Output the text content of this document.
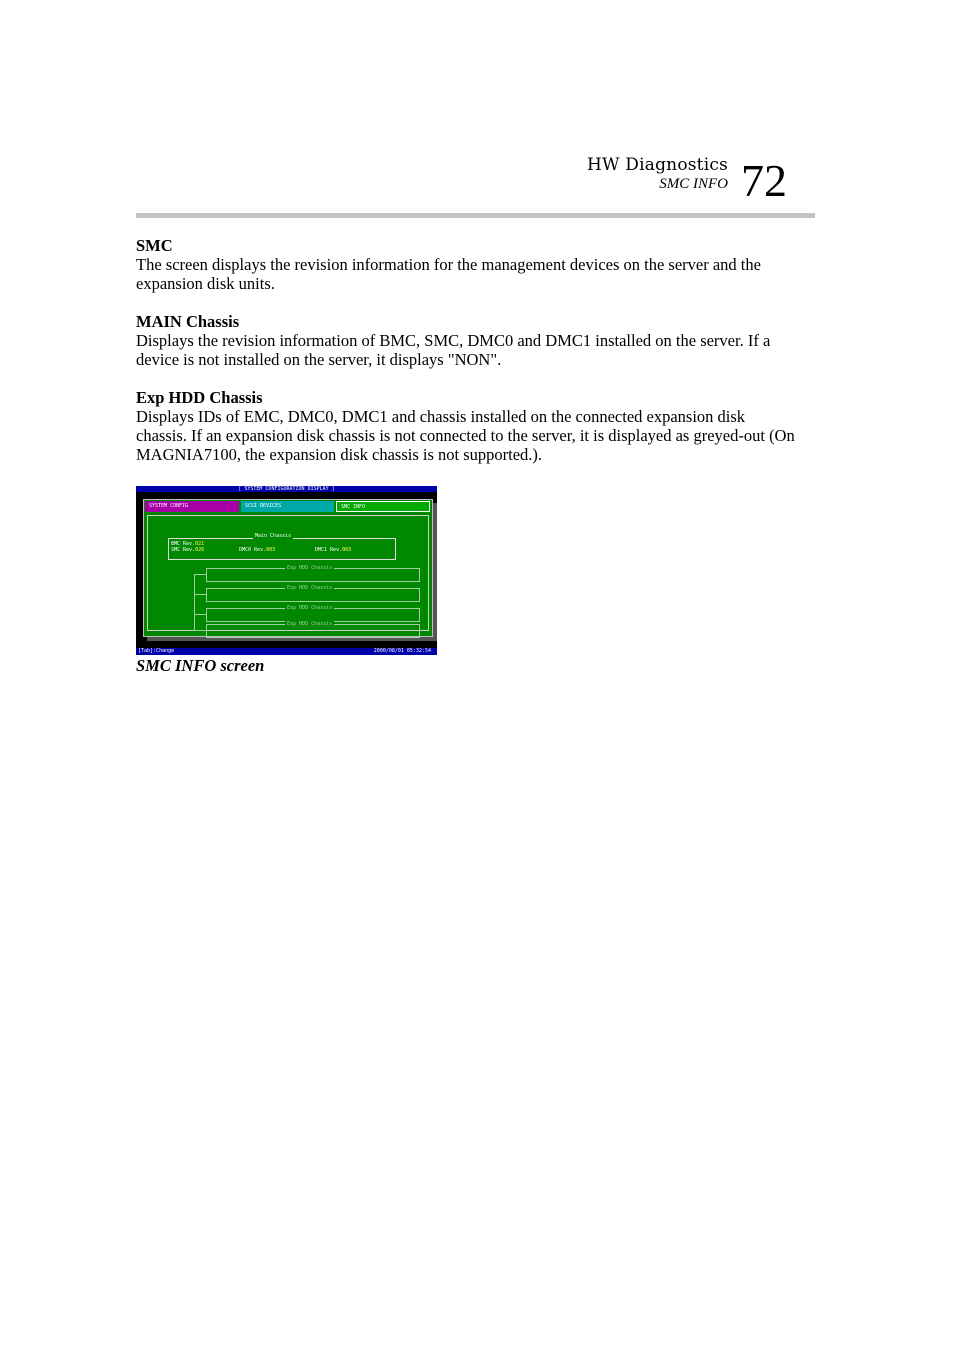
HW Diagnostics
SMC INFO 72
SMC

The screen displays the revision information for the management devices on the server and the expansion disk units.

MAIN Chassis

Displays the revision information of BMC, SMC, DMC0 and DMC1 installed on the server. If a device is not installed on the server, it displays "NON".

Exp HDD Chassis

Displays IDs of EMC, DMC0, DMC1 and chassis installed on the connected expansion disk chassis. If an expansion disk chassis is not connected to the server, it is displayed as greyed-out (On MAGNIA7100, the expansion disk chassis is not supported.).

[ SYSTEM CONFIGURATION DISPLAY ]
SYSTEM CONFIG	SCSI DEVICES	SMC INFO
Main Chassis
BMC Rev.021
SMC Rev.026	DMC0 Rev.003	DMC1 Rev.003
Exp HDD Chassis
Exp HDD Chassis
Exp HDD Chassis
Exp HDD Chassis
[Tab]:Change	2000/08/01 05:32:54
SMC INFO screen
